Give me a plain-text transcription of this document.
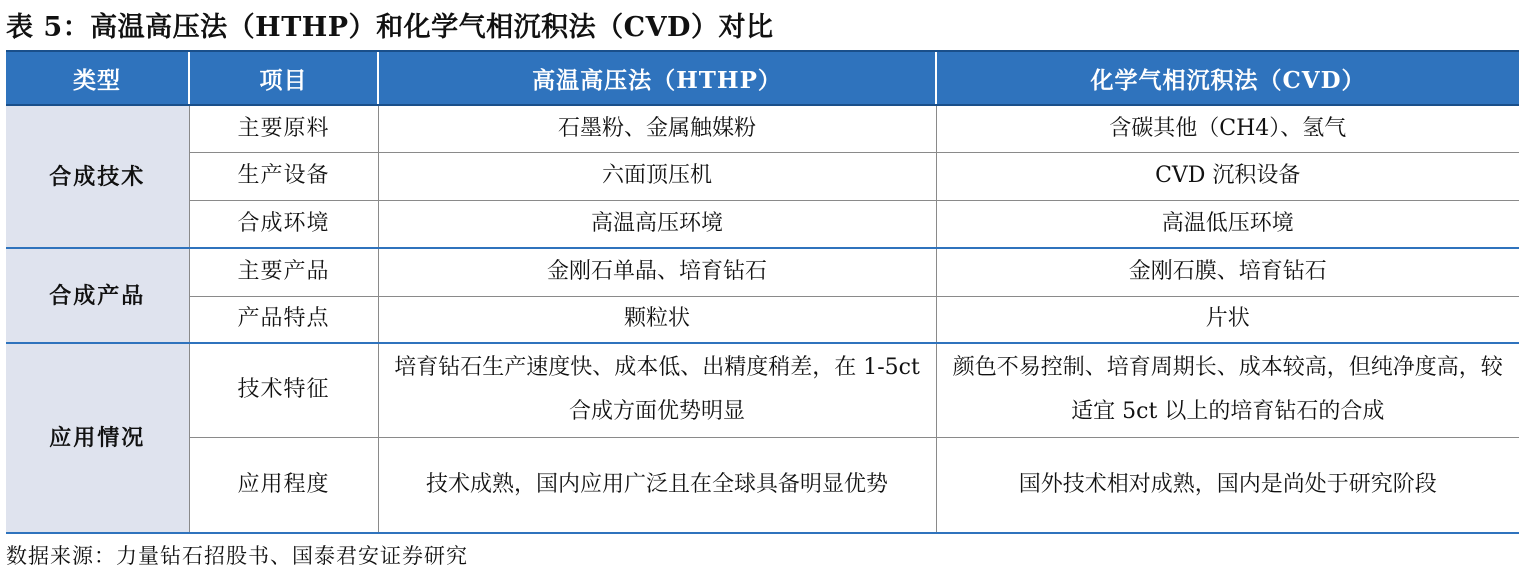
表 5：高温高压法（HTHP）和化学气相沉积法（CVD）对比
类型	项目	高温高压法（HTHP）	化学气相沉积法（CVD）
合成技术	主要原料	石墨粉、金属触媒粉	含碳其他（CH4）、氢气
	生产设备	六面顶压机	CVD 沉积设备
	合成环境	高温高压环境	高温低压环境
合成产品	主要产品	金刚石单晶、培育钻石	金刚石膜、培育钻石
	产品特点	颗粒状	片状
应用情况	技术特征	培育钻石生产速度快、成本低、出精度稍差，在 1-5ct 合成方面优势明显	颜色不易控制、培育周期长、成本较高，但纯净度高，较适宜 5ct 以上的培育钻石的合成
	应用程度	技术成熟，国内应用广泛且在全球具备明显优势	国外技术相对成熟，国内是尚处于研究阶段
数据来源：力量钻石招股书、国泰君安证券研究
